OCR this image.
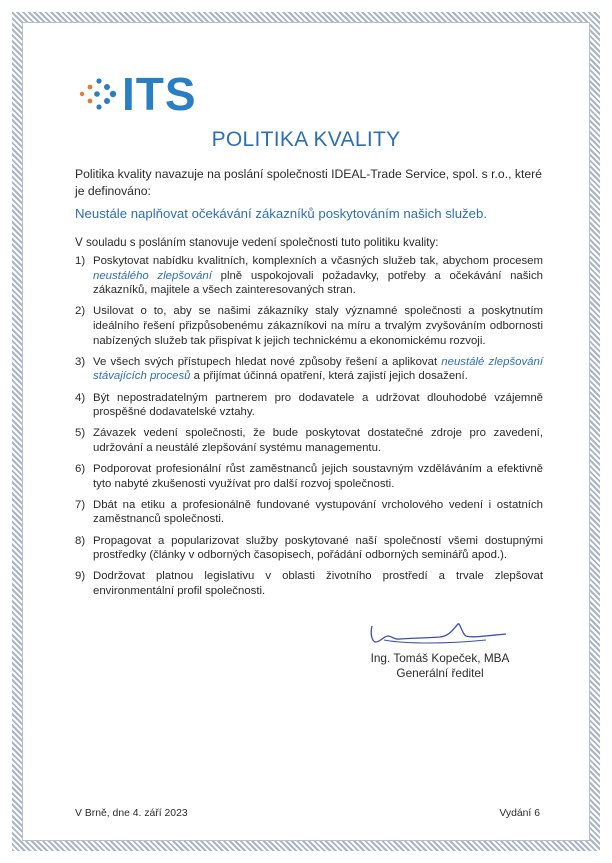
ITS
POLITIKA KVALITY
Politika kvality navazuje na poslání společnosti IDEAL-Trade Service, spol. s r.o., které je definováno:
Neustále naplňovat očekávání zákazníků poskytováním našich služeb.
V souladu s posláním stanovuje vedení společnosti tuto politiku kvality:
1) Poskytovat nabídku kvalitních, komplexních a včasných služeb tak, abychom procesem neustálého zlepšování plně uspokojovali požadavky, potřeby a očekávání našich zákazníků, majitele a všech zainteresovaných stran.
2) Usilovat o to, aby se našimi zákazníky staly významné společnosti a poskytnutím ideálního řešení přizpůsobenému zákazníkovi na míru a trvalým zvyšováním odbornosti nabízených služeb tak přispívat k jejich technickému a ekonomickému rozvoji.
3) Ve všech svých přístupech hledat nové způsoby řešení a aplikovat neustálé zlepšování stávajících procesů a přijímat účinná opatření, která zajistí jejich dosažení.
4) Být nepostradatelným partnerem pro dodavatele a udržovat dlouhodobé vzájemně prospěšné dodavatelské vztahy.
5) Závazek vedení společnosti, že bude poskytovat dostatečné zdroje pro zavedení, udržování a neustálé zlepšování systému managementu.
6) Podporovat profesionální růst zaměstnanců jejich soustavným vzděláváním a efektivně tyto nabyté zkušenosti využívat pro další rozvoj společnosti.
7) Dbát na etiku a profesionálně fundované vystupování vrcholového vedení i ostatních zaměstnanců společnosti.
8) Propagovat a popularizovat služby poskytované naší společností všemi dostupnými prostředky (články v odborných časopisech, pořádání odborných seminářů apod.).
9) Dodržovat platnou legislativu v oblasti životního prostředí a trvale zlepšovat environmentální profil společnosti.
Ing. Tomáš Kopeček, MBA
Generální ředitel
V Brně, dne 4. září 2023	Vydání 6
